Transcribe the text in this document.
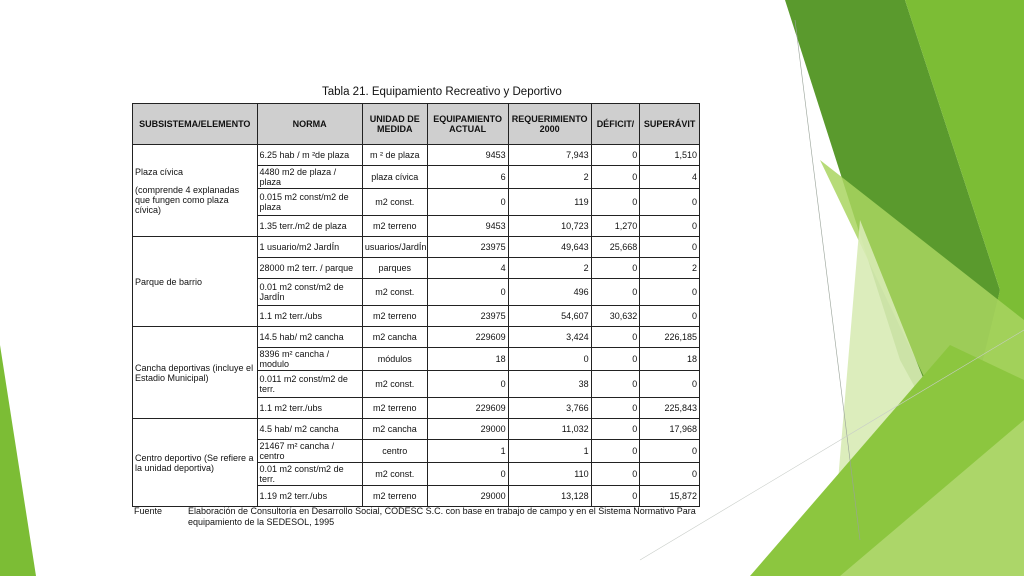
Tabla 21. Equipamiento Recreativo y Deportivo
SUBSISTEMA/ELEMENTO	NORMA	UNIDAD DE MEDIDA	EQUIPAMIENTO ACTUAL	REQUERIMIENTO 2000	DÉFICIT/	SUPERÁVIT

Plaza cívica
(comprende 4 explanadas que fungen como plaza cívica)	6.25 hab / m ²de plaza	m ² de plaza	9453	7,943	0	1,510
	4480 m2 de plaza / plaza	plaza cívica	6	2	0	4
	0.015 m2 const/m2 de plaza	m2 const.	0	119	0	0
	1.35 terr./m2 de plaza	m2 terreno	9453	10,723	1,270	0

Parque de barrio	1 usuario/m2 JardÍn	usuarios/JardÍn	23975	49,643	25,668	0
	28000 m2 terr. / parque	parques	4	2	0	2
	0.01 m2 const/m2 de JardÍn	m2 const.	0	496	0	0
	1.1 m2 terr./ubs	m2 terreno	23975	54,607	30,632	0

Cancha deportivas (incluye el Estadio Municipal)	14.5 hab/ m2 cancha	m2 cancha	229609	3,424	0	226,185
	8396 m² cancha / modulo	módulos	18	0	0	18
	0.011 m2 const/m2 de terr.	m2 const.	0	38	0	0
	1.1 m2 terr./ubs	m2 terreno	229609	3,766	0	225,843

Centro deportivo (Se refiere a la unidad deportiva)	4.5 hab/ m2 cancha	m2 cancha	29000	11,032	0	17,968
	21467 m² cancha / centro	centro	1	1	0	0
	0.01 m2 const/m2 de terr.	m2 const.	0	110	0	0
	1.19 m2 terr./ubs	m2 terreno	29000	13,128	0	15,872
Fuente	Elaboración de Consultoría en Desarrollo Social, CODESC S.C. con base en trabajo de campo y en el Sistema Normativo Para equipamiento de la SEDESOL, 1995
